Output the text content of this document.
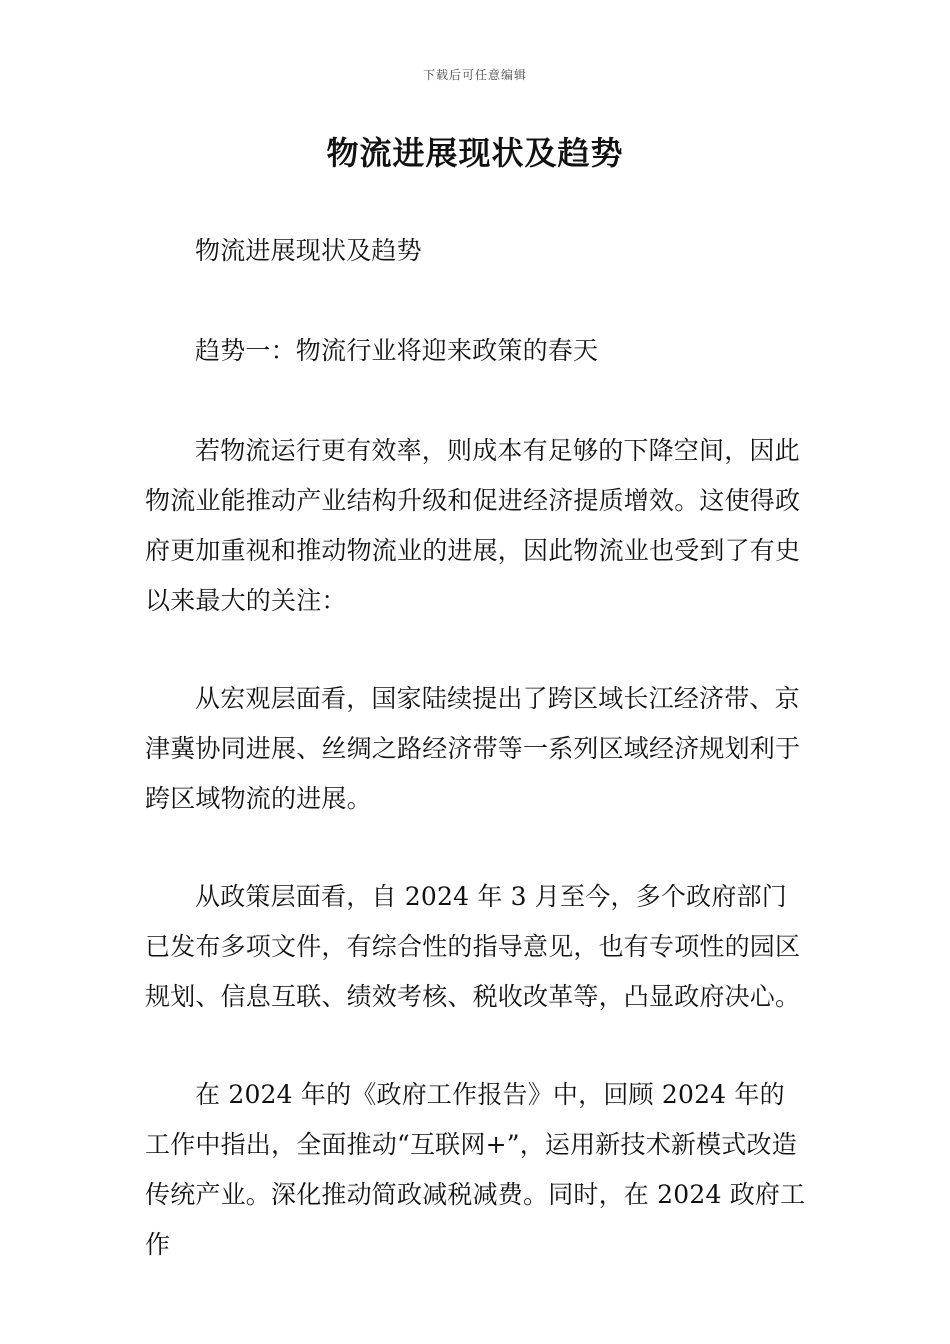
下载后可任意编辑
物流进展现状及趋势

物流进展现状及趋势

趋势一：物流行业将迎来政策的春天

若物流运行更有效率，则成本有足够的下降空间，因此物流业能推动产业结构升级和促进经济提质增效。这使得政府更加重视和推动物流业的进展，因此物流业也受到了有史以来最大的关注：

从宏观层面看，国家陆续提出了跨区域长江经济带、京津冀协同进展、丝绸之路经济带等一系列区域经济规划利于跨区域物流的进展。

从政策层面看，自 2024 年 3 月至今，多个政府部门已发布多项文件，有综合性的指导意见，也有专项性的园区规划、信息互联、绩效考核、税收改革等，凸显政府决心。

在 2024 年的《政府工作报告》中，回顾 2024 年的工作中指出，全面推动“互联网+”，运用新技术新模式改造传统产业。深化推动简政减税减费。同时，在 2024 政府工作
